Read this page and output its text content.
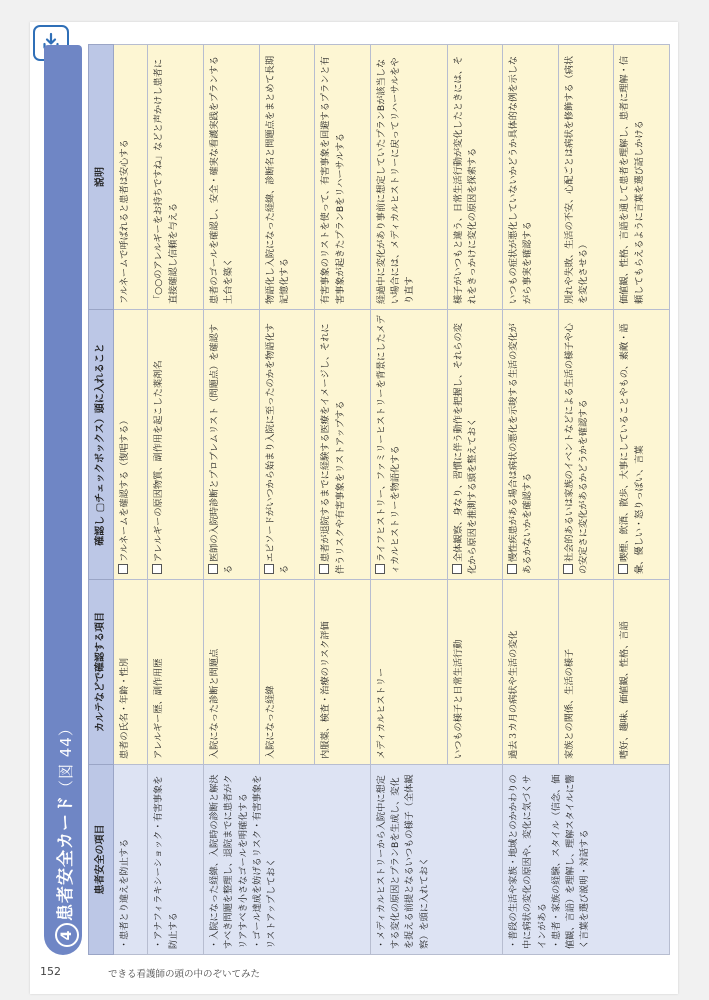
4患者安全カード（図 44）
患者安全の項目	カルテなどで確認する項目	確認し ▢チェックボックス）頭に入れること	説明

・患者とり違えを防止する	患者の氏名・年齢・性別	フルネームを確認する（復唱する）	フルネームで呼ばれると患者は安心する

・アナフィラキシーショック・有害事象を防止する	アレルギー歴、副作用歴	アレルギーの原因物質、副作用を起こした薬剤名	「○○のアレルギーをお持ちですね」などと声かけし患者に直接確認し信頼を与える

・入院になった経緯、入院時の診断と解決すべき問題を整理し、退院までに患者がクリアすべき小さなゴールを明確化する ・ゴール達成を妨げるリスク・有害事象をリストアップしておく	入院になった診断と問題点	医師の入院時診断とプロブレムリスト（問題点）を確認する	患者のゴールを確認し、安全・確実な看護実践をプランする土台を築く
	入院になった経緯	エピソードがいつから始まり入院に至ったのかを物語化する	物語化し入院になった経緯、診断名と問題点をまとめて長期記憶化する
	内服薬、検査・治療のリスク評価	患者が退院するまでに経験する医療をイメージし、それに伴うリスクや有害事象をリストアップする	有害事象のリストを使って、有害事象を回避するプランと有害事象が起きたプランBをリハーサルする

・メディカルヒストリーから入院中に想定する変化の原因とプランBを生成し、変化を捉える前提となるいつもの様子（全体観察）を頭に入れておく	メディカルヒストリー	ライフヒストリー、ファミリーヒストリーを背景にしたメディカルヒストリーを物語化する	経過中に変化があり事前に想定していたプランBが該当しない場合には、メディカルヒストリーに戻ってリハーサルをやり直す
	いつもの様子と日常生活行動	全体観察、身なり、習慣に伴う動作を把握し、それらの変化から原因を推測する頭を整えておく	様子がいつもと違う、日常生活行動が変化したときには、それをきっかけに変化の原因を探索する

・普段の生活や家族・地域とのかかわりの中に病状の変化の原因や、変化に気づくサインがある ・患者・家族の経験、スタイル（信念、価値観、言語）を理解し、理解スタイルに響く言葉を選び説明・対話する	過去３カ月の病状や生活の変化	慢性疾患がある場合は病状の悪化を示唆する生活の変化があるかないかを確認する	いつもの症状が悪化していないかどうか具体的な例を示しながら事実を確認する
	家族との関係、生活の様子	社会的あるいは家族のイベントなどによる生活の様子や心の安定さに変化があるかどうかを確認する	別れや失敗、生活の不安、心配ごとは病状を修飾する（病状を変化させる）
	嗜好、趣味、価値観、性格、言語	喫煙、飲酒、散歩、大事にしていることやもの、素敵・語彙、優しい・怒りっぽい、言葉	価値観、性格、言語を通して患者を理解し、患者に理解・信頼してもらえるように言葉を選び話しかける
152	できる看護師の頭の中のぞいてみた
